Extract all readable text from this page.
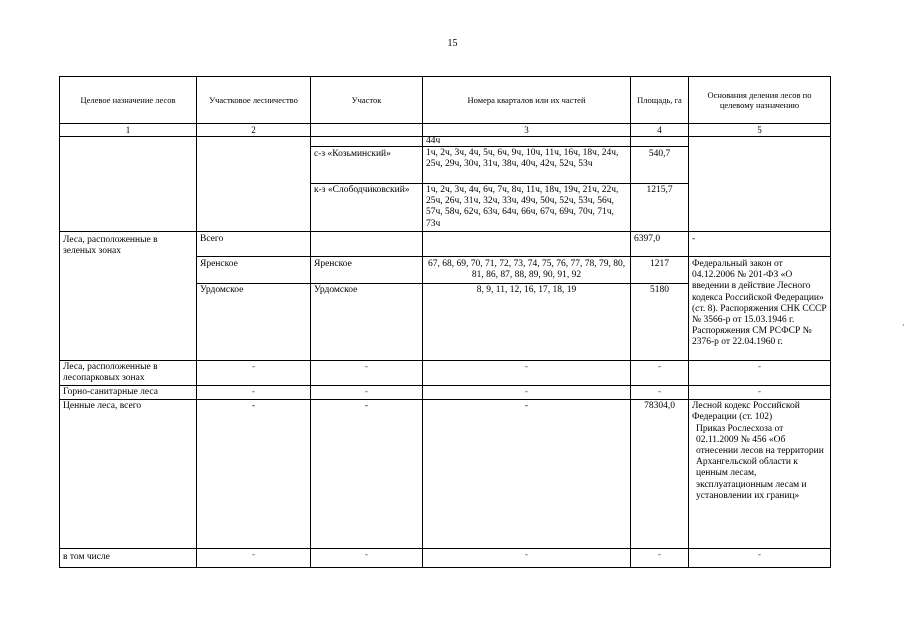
15
·
Целевое назначение лесов	Участковое лесничество	Участок	Номера кварталов или их частей	Площадь, га	Основания деления лесов по целевому назначению
1	2		3	4	5
			44ч		
		с-з «Козьминский»	1ч, 2ч, 3ч, 4ч, 5ч, 6ч, 9ч, 10ч, 11ч, 16ч, 18ч, 24ч, 25ч, 29ч, 30ч, 31ч, 38ч, 40ч, 42ч, 52ч, 53ч	540,7	
		к-з «Слободчиковский»	1ч, 2ч, 3ч, 4ч, 6ч, 7ч, 8ч, 11ч, 18ч, 19ч, 21ч, 22ч, 25ч, 26ч, 31ч, 32ч, 33ч, 49ч, 50ч, 52ч, 53ч, 56ч, 57ч, 58ч, 62ч, 63ч, 64ч, 66ч, 67ч, 69ч, 70ч, 71ч, 73ч	1215,7	
Леса, расположенные в зеленых зонах	Всего			6397,0	-
	Яренское	Яренское	67, 68, 69, 70, 71, 72, 73, 74, 75, 76, 77, 78, 79, 80, 81, 86, 87, 88, 89, 90, 91, 92	1217	Федеральный закон от 04.12.2006 № 201-ФЗ «О введении в действие Лесного кодекса Российской Федерации» (ст. 8). Распоряжения СНК СССР № 3566-р от 15.03.1946 г. Распоряжения СМ РСФСР № 2376-р от 22.04.1960 г.
	Урдомское	Урдомское	8, 9, 11, 12, 16, 17, 18, 19	5180	
Леса, расположенные в лесопарковых зонах	-	-	-	-	-
Горно-санитарные леса	-	-	-	-	-
Ценные леса, всего	-	-	-	78304,0	Лесной кодекс Российской Федерации (ст. 102)
Приказ Рослесхоза от 02.11.2009 № 456 «Об отнесении лесов на территории Архангельской области к ценным лесам, эксплуатационным лесам и установлении их границ»

в том числе	-	-	-	-	-
